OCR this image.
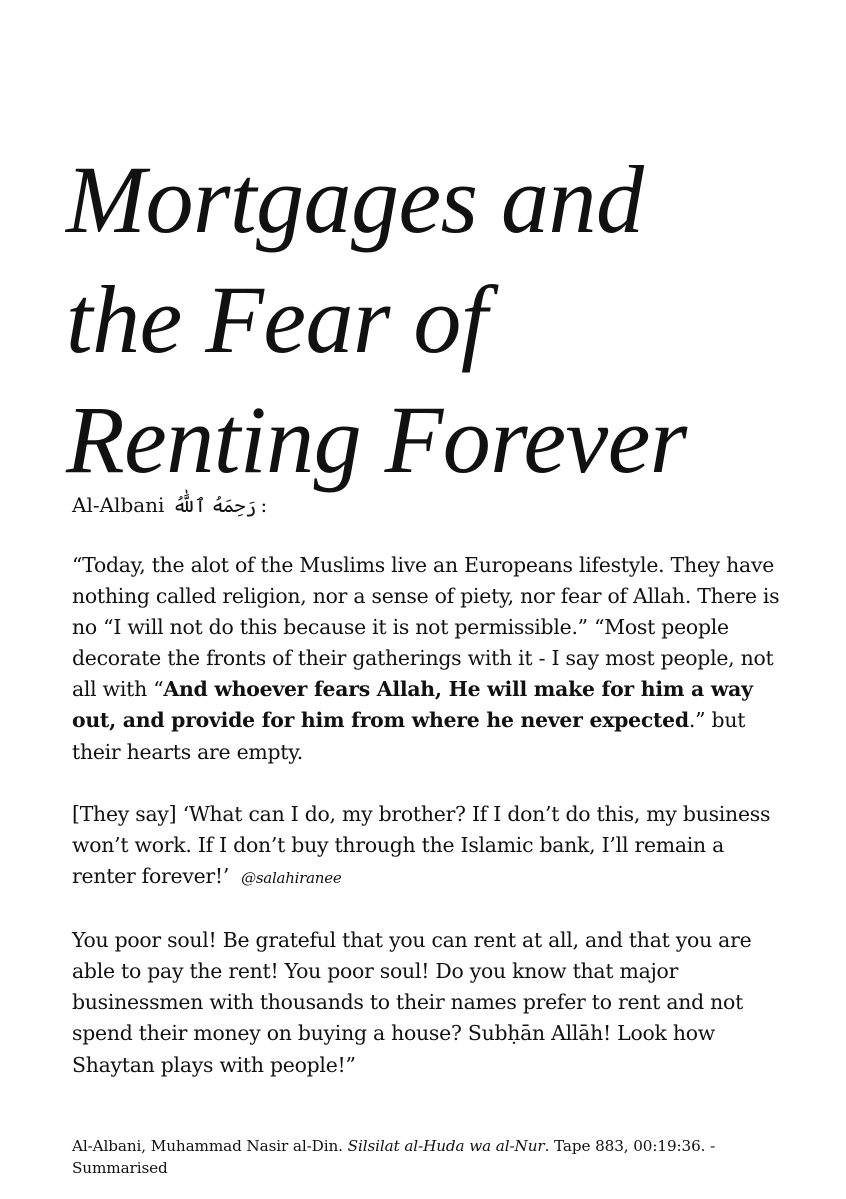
Mortgages and
the Fear of
Renting Forever
Al-Albani رَحِمَهُ ٱللَّٰهُ :

“Today, the alot of the Muslims live an Europeans lifestyle. They have nothing called religion, nor a sense of piety, nor fear of Allah. There is no “I will not do this because it is not permissible.” “Most people decorate the fronts of their gatherings with it - I say most people, not all with “And whoever fears Allah, He will make for him a way out, and provide for him from where he never expected.” but their hearts are empty.

[They say] ‘What can I do, my brother? If I don’t do this, my business won’t work. If I don’t buy through the Islamic bank, I’ll remain a renter forever!’ @salahiranee

You poor soul! Be grateful that you can rent at all, and that you are able to pay the rent! You poor soul! Do you know that major businessmen with thousands to their names prefer to rent and not spend their money on buying a house? Subḥān Allāh! Look how Shaytan plays with people!”

Al-Albani, Muhammad Nasir al-Din. Silsilat al-Huda wa al-Nur. Tape 883, 00:19:36. - Summarised
